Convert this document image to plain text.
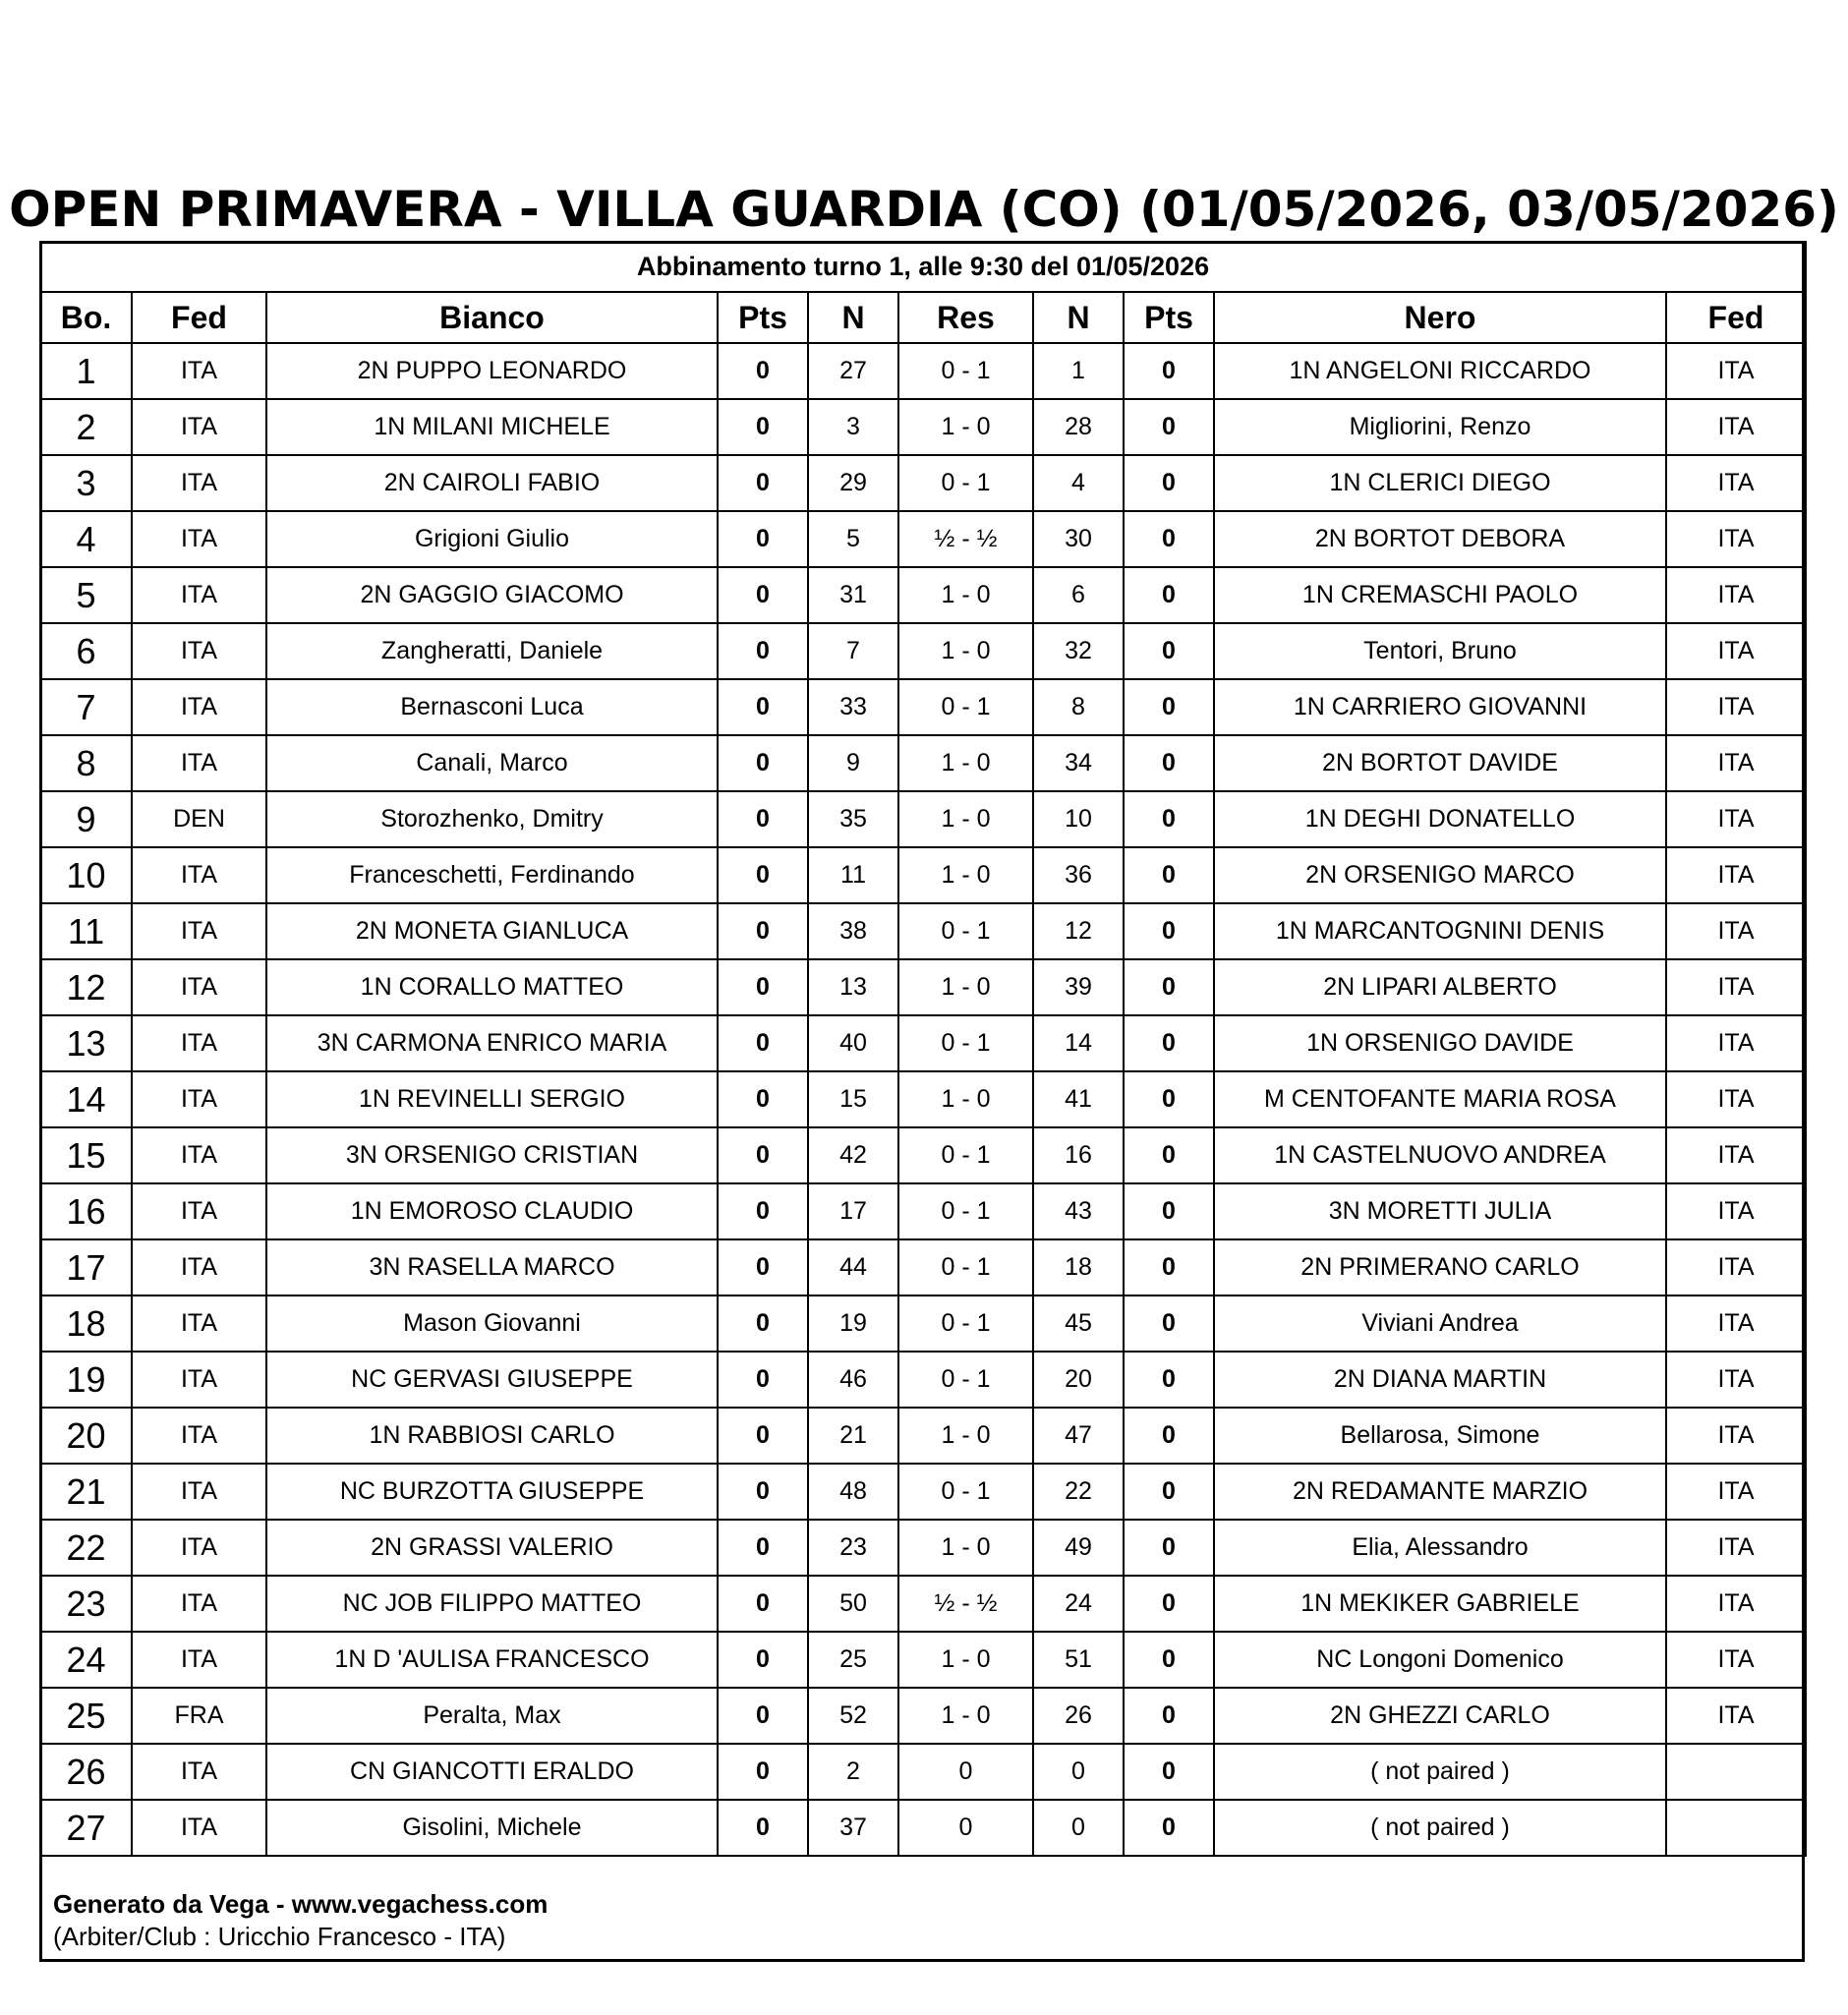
OPEN PRIMAVERA - VILLA GUARDIA (CO) (01/05/2026, 03/05/2026)
Abbinamento turno 1, alle 9:30 del 01/05/2026									
Bo.	Fed	Bianco	Pts	N	Res	N	Pts	Nero	Fed
1	ITA	2N PUPPO LEONARDO	0	27	0 - 1	1	0	1N ANGELONI RICCARDO	ITA
2	ITA	1N MILANI MICHELE	0	3	1 - 0	28	0	Migliorini, Renzo	ITA
3	ITA	2N CAIROLI FABIO	0	29	0 - 1	4	0	1N CLERICI DIEGO	ITA
4	ITA	Grigioni Giulio	0	5	½ - ½	30	0	2N BORTOT DEBORA	ITA
5	ITA	2N GAGGIO GIACOMO	0	31	1 - 0	6	0	1N CREMASCHI PAOLO	ITA
6	ITA	Zangheratti, Daniele	0	7	1 - 0	32	0	Tentori, Bruno	ITA
7	ITA	Bernasconi Luca	0	33	0 - 1	8	0	1N CARRIERO GIOVANNI	ITA
8	ITA	Canali, Marco	0	9	1 - 0	34	0	2N BORTOT DAVIDE	ITA
9	DEN	Storozhenko, Dmitry	0	35	1 - 0	10	0	1N DEGHI DONATELLO	ITA
10	ITA	Franceschetti, Ferdinando	0	11	1 - 0	36	0	2N ORSENIGO MARCO	ITA
11	ITA	2N MONETA GIANLUCA	0	38	0 - 1	12	0	1N MARCANTOGNINI DENIS	ITA
12	ITA	1N CORALLO MATTEO	0	13	1 - 0	39	0	2N LIPARI ALBERTO	ITA
13	ITA	3N CARMONA ENRICO MARIA	0	40	0 - 1	14	0	1N ORSENIGO DAVIDE	ITA
14	ITA	1N REVINELLI SERGIO	0	15	1 - 0	41	0	M CENTOFANTE MARIA ROSA	ITA
15	ITA	3N ORSENIGO CRISTIAN	0	42	0 - 1	16	0	1N CASTELNUOVO ANDREA	ITA
16	ITA	1N EMOROSO CLAUDIO	0	17	0 - 1	43	0	3N MORETTI JULIA	ITA
17	ITA	3N RASELLA MARCO	0	44	0 - 1	18	0	2N PRIMERANO CARLO	ITA
18	ITA	Mason Giovanni	0	19	0 - 1	45	0	Viviani Andrea	ITA
19	ITA	NC GERVASI GIUSEPPE	0	46	0 - 1	20	0	2N DIANA MARTIN	ITA
20	ITA	1N RABBIOSI CARLO	0	21	1 - 0	47	0	Bellarosa, Simone	ITA
21	ITA	NC BURZOTTA GIUSEPPE	0	48	0 - 1	22	0	2N REDAMANTE MARZIO	ITA
22	ITA	2N GRASSI VALERIO	0	23	1 - 0	49	0	Elia, Alessandro	ITA
23	ITA	NC JOB FILIPPO MATTEO	0	50	½ - ½	24	0	1N MEKIKER GABRIELE	ITA
24	ITA	1N D 'AULISA FRANCESCO	0	25	1 - 0	51	0	NC Longoni Domenico	ITA
25	FRA	Peralta, Max	0	52	1 - 0	26	0	2N GHEZZI CARLO	ITA
26	ITA	CN GIANCOTTI ERALDO	0	2	0	0	0	( not paired )	
27	ITA	Gisolini, Michele	0	37	0	0	0	( not paired )	
Generato da Vega - www.vegachess.com
(Arbiter/Club : Uricchio Francesco - ITA)
